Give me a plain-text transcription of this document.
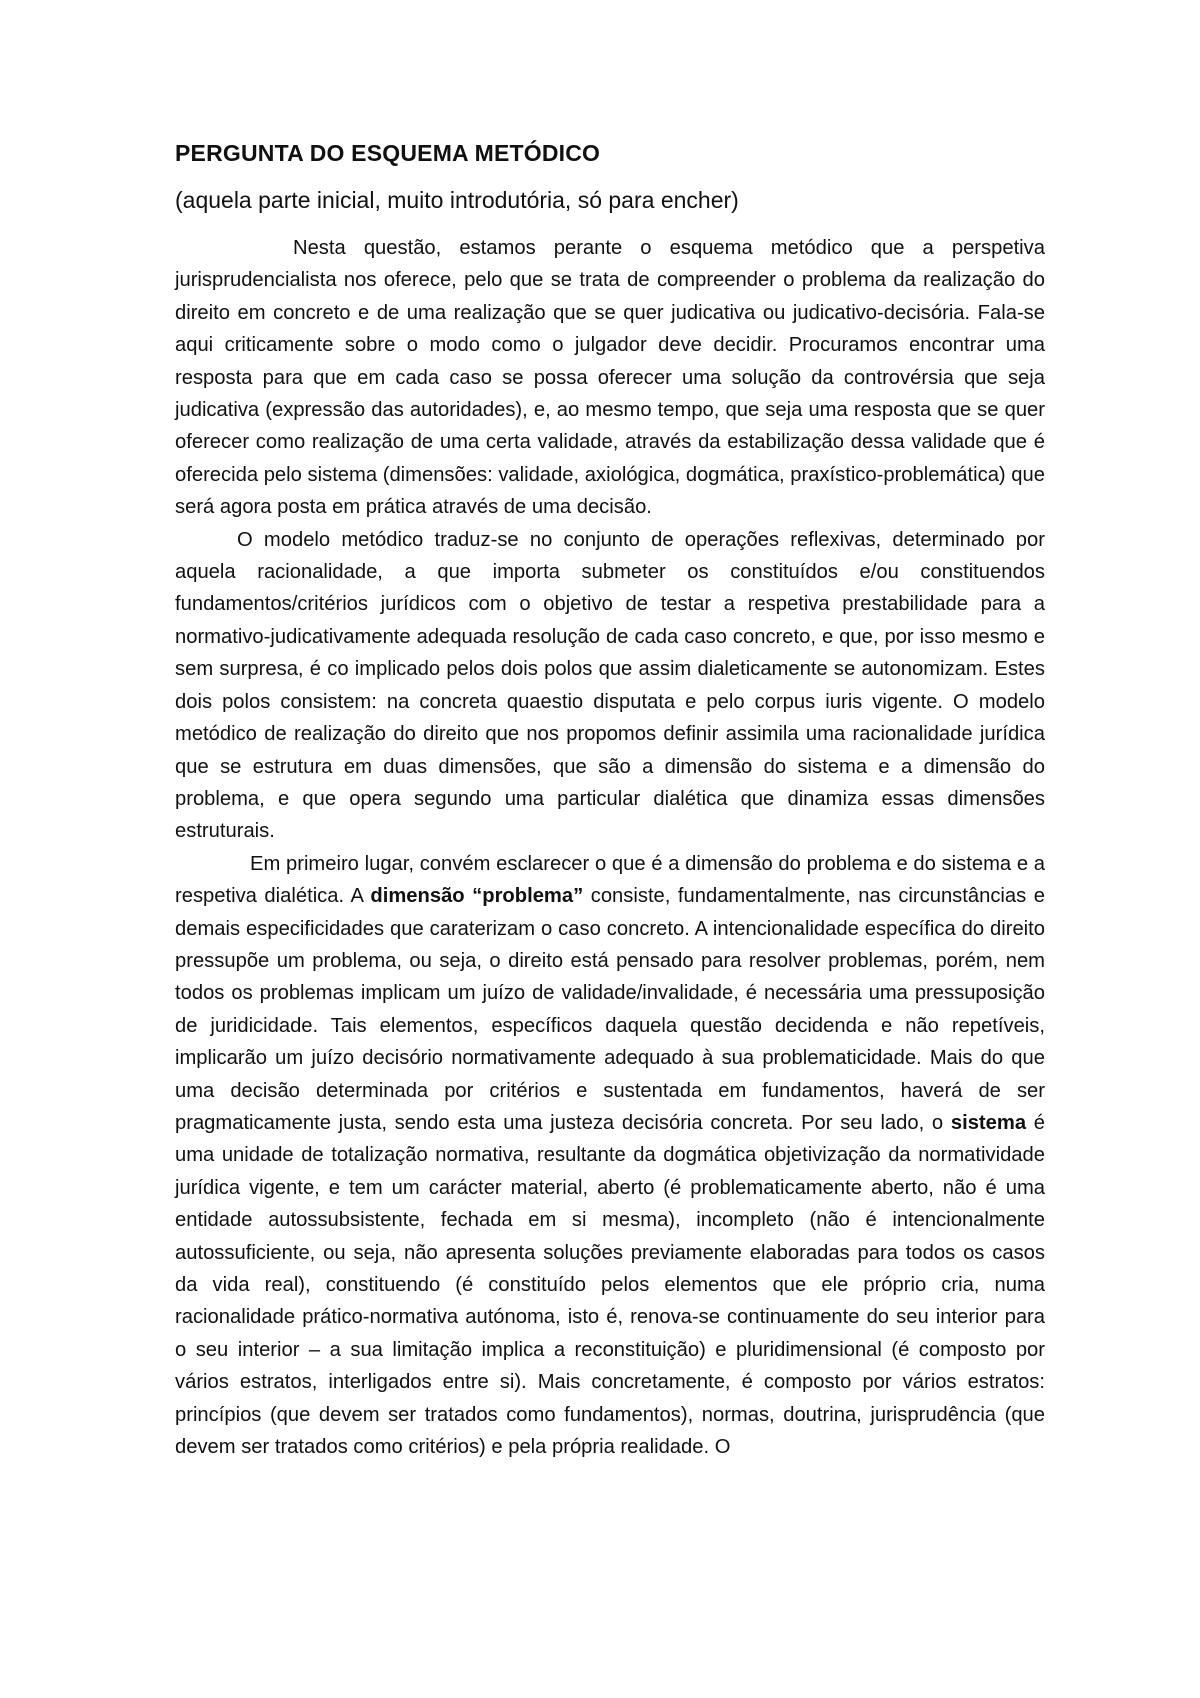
PERGUNTA DO ESQUEMA METÓDICO
(aquela parte inicial, muito introdutória, só para encher)

Nesta questão, estamos perante o esquema metódico que a perspetiva jurisprudencialista nos oferece, pelo que se trata de compreender o problema da realização do direito em concreto e de uma realização que se quer judicativa ou judicativo-decisória. Fala-se aqui criticamente sobre o modo como o julgador deve decidir. Procuramos encontrar uma resposta para que em cada caso se possa oferecer uma solução da controvérsia que seja judicativa (expressão das autoridades), e, ao mesmo tempo, que seja uma resposta que se quer oferecer como realização de uma certa validade, através da estabilização dessa validade que é oferecida pelo sistema (dimensões: validade, axiológica, dogmática, praxístico-problemática) que será agora posta em prática através de uma decisão.

O modelo metódico traduz-se no conjunto de operações reflexivas, determinado por aquela racionalidade, a que importa submeter os constituídos e/ou constituendos fundamentos/critérios jurídicos com o objetivo de testar a respetiva prestabilidade para a normativo-judicativamente adequada resolução de cada caso concreto, e que, por isso mesmo e sem surpresa, é co implicado pelos dois polos que assim dialeticamente se autonomizam. Estes dois polos consistem: na concreta quaestio disputata e pelo corpus iuris vigente. O modelo metódico de realização do direito que nos propomos definir assimila uma racionalidade jurídica que se estrutura em duas dimensões, que são a dimensão do sistema e a dimensão do problema, e que opera segundo uma particular dialética que dinamiza essas dimensões estruturais.

Em primeiro lugar, convém esclarecer o que é a dimensão do problema e do sistema e a respetiva dialética. A dimensão “problema” consiste, fundamentalmente, nas circunstâncias e demais especificidades que caraterizam o caso concreto. A intencionalidade específica do direito pressupõe um problema, ou seja, o direito está pensado para resolver problemas, porém, nem todos os problemas implicam um juízo de validade/invalidade, é necessária uma pressuposição de juridicidade. Tais elementos, específicos daquela questão decidenda e não repetíveis, implicarão um juízo decisório normativamente adequado à sua problematicidade. Mais do que uma decisão determinada por critérios e sustentada em fundamentos, haverá de ser pragmaticamente justa, sendo esta uma justeza decisória concreta. Por seu lado, o sistema é uma unidade de totalização normativa, resultante da dogmática objetivização da normatividade jurídica vigente, e tem um carácter material, aberto (é problematicamente aberto, não é uma entidade autossubsistente, fechada em si mesma), incompleto (não é intencionalmente autossuficiente, ou seja, não apresenta soluções previamente elaboradas para todos os casos da vida real), constituendo (é constituído pelos elementos que ele próprio cria, numa racionalidade prático-normativa autónoma, isto é, renova-se continuamente do seu interior para o seu interior – a sua limitação implica a reconstituição) e pluridimensional (é composto por vários estratos, interligados entre si). Mais concretamente, é composto por vários estratos: princípios (que devem ser tratados como fundamentos), normas, doutrina, jurisprudência (que devem ser tratados como critérios) e pela própria realidade. O
